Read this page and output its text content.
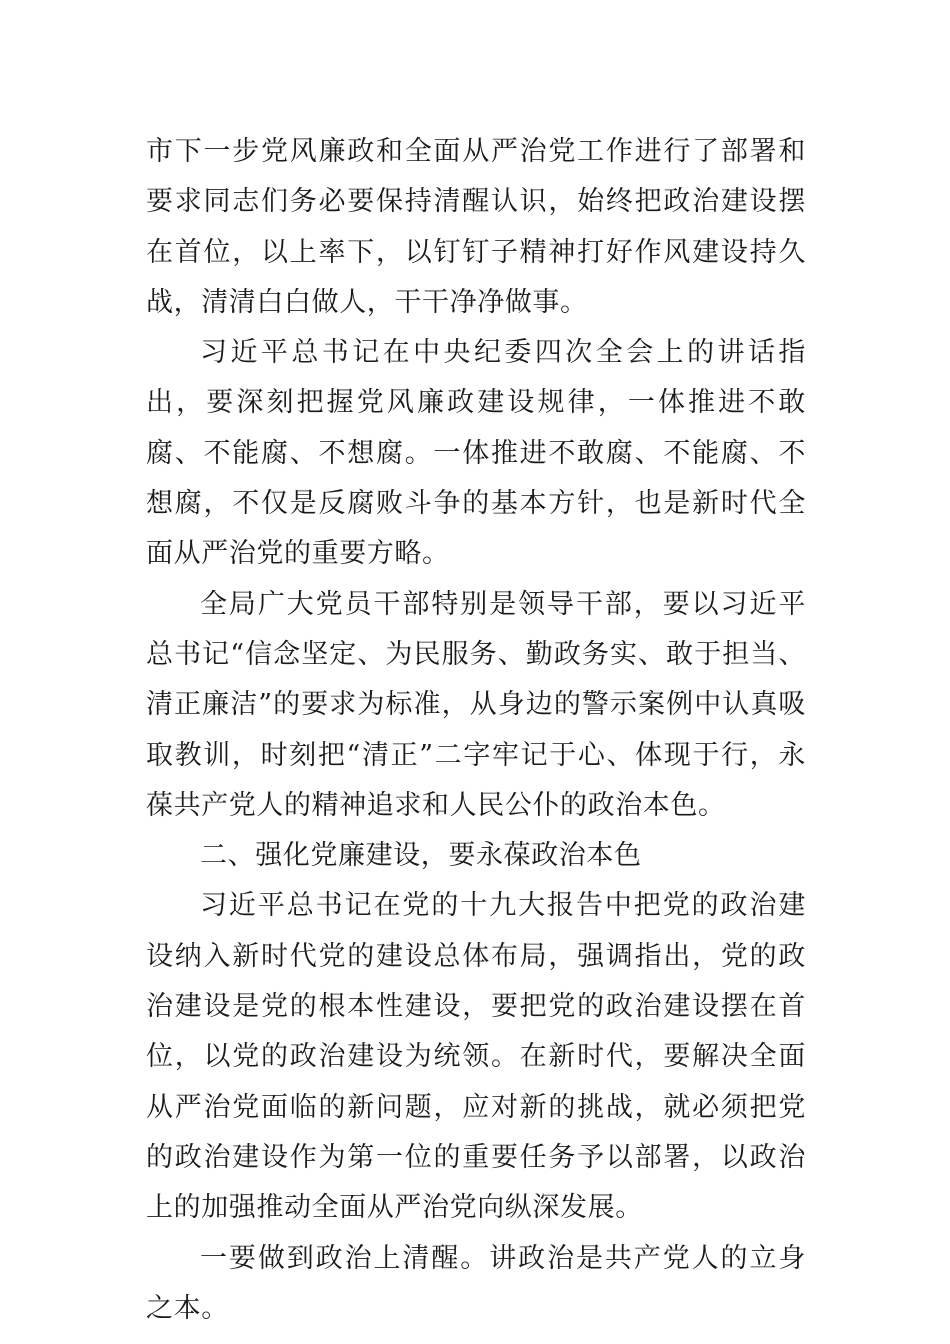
市下一步党风廉政和全面从严治党工作进行了部署和要求同志们务必要保持清醒认识，始终把政治建设摆在首位，以上率下，以钉钉子精神打好作风建设持久战，清清白白做人，干干净净做事。

习近平总书记在中央纪委四次全会上的讲话指出，要深刻把握党风廉政建设规律，一体推进不敢腐、不能腐、不想腐。一体推进不敢腐、不能腐、不想腐，不仅是反腐败斗争的基本方针，也是新时代全面从严治党的重要方略。

全局广大党员干部特别是领导干部，要以习近平总书记“信念坚定、为民服务、勤政务实、敢于担当、清正廉洁”的要求为标准，从身边的警示案例中认真吸取教训，时刻把“清正”二字牢记于心、体现于行，永葆共产党人的精神追求和人民公仆的政治本色。

二、强化党廉建设，要永葆政治本色

习近平总书记在党的十九大报告中把党的政治建设纳入新时代党的建设总体布局，强调指出，党的政治建设是党的根本性建设，要把党的政治建设摆在首位，以党的政治建设为统领。在新时代，要解决全面从严治党面临的新问题，应对新的挑战，就必须把党的政治建设作为第一位的重要任务予以部署，以政治上的加强推动全面从严治党向纵深发展。

一要做到政治上清醒。讲政治是共产党人的立身之本。
